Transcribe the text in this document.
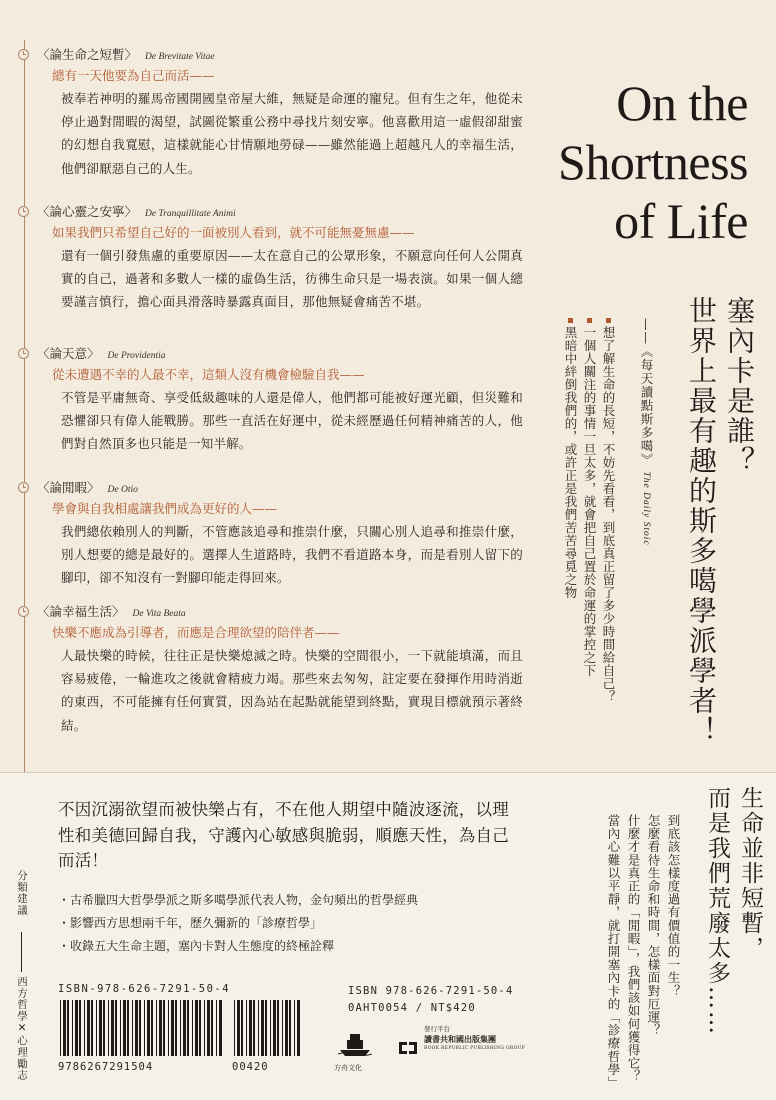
〈論生命之短暫〉 De Brevitate Vitae
總有一天他要為自己而活——
被奉若神明的羅馬帝國開國皇帝屋大維，無疑是命運的寵兒。但有生之年，他從未停止過對閒暇的渴望，試圖從繁重公務中尋找片刻安寧。他喜歡用這一虛假卻甜蜜的幻想自我寬慰，這樣就能心甘情願地勞碌——雖然能過上超越凡人的幸福生活，他們卻厭惡自己的人生。
〈論心靈之安寧〉 De Tranquillitate Animi
如果我們只希望自己好的一面被別人看到，就不可能無憂無慮——
還有一個引發焦慮的重要原因——太在意自己的公眾形象，不願意向任何人公開真實的自己，過著和多數人一樣的虛偽生活，彷彿生命只是一場表演。如果一個人總要謹言慎行，擔心面具滑落時暴露真面目，那他無疑會痛苦不堪。
〈論天意〉 De Providentia
從未遭遇不幸的人最不幸，這類人沒有機會檢驗自我——
不管是平庸無奇、享受低級趣味的人還是偉人，他們都可能被好運光顧，但災難和恐懼卻只有偉人能戰勝。那些一直活在好運中，從未經歷過任何精神痛苦的人，他們對自然頂多也只能是一知半解。
〈論閒暇〉 De Otio
學會與自我相處讓我們成為更好的人——
我們總依賴別人的判斷，不管應該追尋和推崇什麼，只關心別人追尋和推崇什麼，別人想要的總是最好的。選擇人生道路時，我們不看道路本身，而是看別人留下的腳印，卻不知沒有一對腳印能走得回來。
〈論幸福生活〉 De Vita Beata
快樂不應成為引導者，而應是合理欲望的陪伴者——
人最快樂的時候，往往正是快樂熄滅之時。快樂的空間很小，一下就能填滿，而且容易疲倦，一輪進攻之後就會精疲力竭。那些來去匆匆，註定要在發揮作用時消逝的東西，不可能擁有任何實質，因為站在起點就能望到終點，實現目標就預示著終結。
On the
Shortness
of Life
塞內卡是誰？
世界上最有趣的斯多噶學派學者！
——《每天讀點斯多噶》 The Daily Stoic
想了解生命的長短，不妨先看看，到底真正留了多少時間給自己？
一個人關注的事情一旦太多，就會把自己置於命運的掌控之下
黑暗中絆倒我們的，或許正是我們苦苦尋覓之物
不因沉溺欲望而被快樂占有，不在他人期望中隨波逐流，以理性和美德回歸自我，守護內心敏感與脆弱，順應天性，為自己而活！
・古希臘四大哲學學派之斯多噶學派代表人物，金句頻出的哲學經典
・影響西方思想兩千年，歷久彌新的「診療哲學」
・收錄五大生命主題，塞內卡對人生態度的終極詮釋
分類建議
西方哲學✕心理勵志
ISBN-978-626-7291-50-4
9786267291504	00420
ISBN 978-626-7291-50-4
0AHT0054 / NT$420
方舟文化
發行平台
讀書共和國出版集團
BOOK REPUBLIC PUBLISHING GROUP
生命並非短暫，
而是我們荒廢太多……
到底該怎樣度過有價值的一生？
怎麼看待生命和時間，怎樣面對厄運？
什麼才是真正的「閒暇」，我們該如何獲得它？
當內心難以平靜，就打開塞內卡的「診療哲學」
